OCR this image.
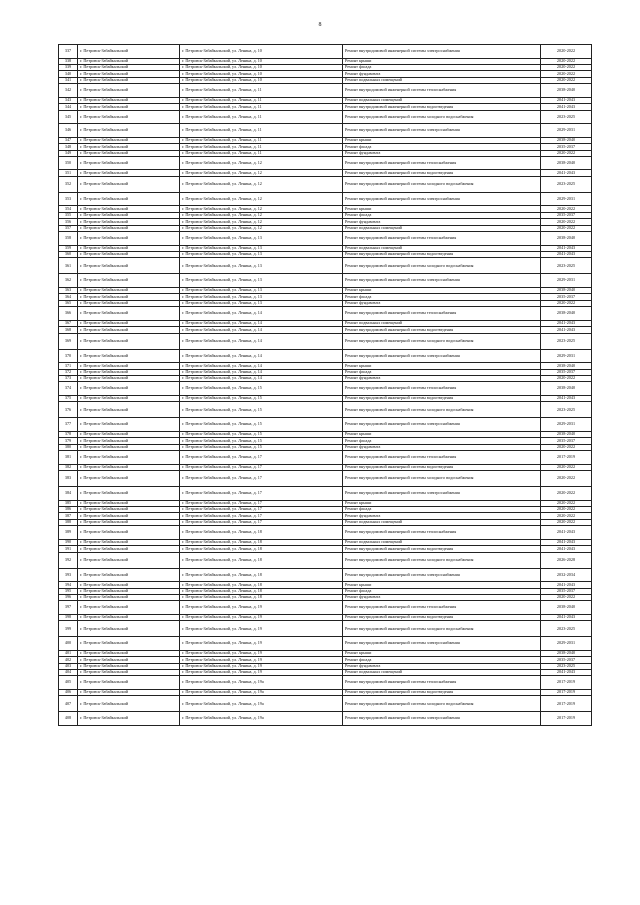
8
337	г. Петровск-Забайкальский	г. Петровск-Забайкальский, ул. Ленина, д. 10	Ремонт внутридомовой инженерной системы электроснабжения	2020-2022
338	г. Петровск-Забайкальский	г. Петровск-Забайкальский, ул. Ленина, д. 10	Ремонт крыши	2020-2022
339	г. Петровск-Забайкальский	г. Петровск-Забайкальский, ул. Ленина, д. 10	Ремонт фасада	2020-2022
340	г. Петровск-Забайкальский	г. Петровск-Забайкальский, ул. Ленина, д. 10	Ремонт фундамента	2020-2022
341	г. Петровск-Забайкальский	г. Петровск-Забайкальский, ул. Ленина, д. 10	Ремонт подвальных помещений	2020-2022
342	г. Петровск-Забайкальский	г. Петровск-Забайкальский, ул. Ленина, д. 11	Ремонт внутридомовой инженерной системы теплоснабжения	2038-2040
343	г. Петровск-Забайкальский	г. Петровск-Забайкальский, ул. Ленина, д. 11	Ремонт подвальных помещений	2041-2043
344	г. Петровск-Забайкальский	г. Петровск-Забайкальский, ул. Ленина, д. 11	Ремонт внутридомовой инженерной системы водоотведения	2041-2043
345	г. Петровск-Забайкальский	г. Петровск-Забайкальский, ул. Ленина, д. 11	Ремонт внутридомовой инженерной системы холодного водоснабжения	2023-2025
346	г. Петровск-Забайкальский	г. Петровск-Забайкальский, ул. Ленина, д. 11	Ремонт внутридомовой инженерной системы электроснабжения	2029-2031
347	г. Петровск-Забайкальский	г. Петровск-Забайкальский, ул. Ленина, д. 11	Ремонт крыши	2038-2040
348	г. Петровск-Забайкальский	г. Петровск-Забайкальский, ул. Ленина, д. 11	Ремонт фасада	2035-2037
349	г. Петровск-Забайкальский	г. Петровск-Забайкальский, ул. Ленина, д. 11	Ремонт фундамента	2020-2022
350	г. Петровск-Забайкальский	г. Петровск-Забайкальский, ул. Ленина, д. 12	Ремонт внутридомовой инженерной системы теплоснабжения	2038-2040
351	г. Петровск-Забайкальский	г. Петровск-Забайкальский, ул. Ленина, д. 12	Ремонт внутридомовой инженерной системы водоотведения	2041-2043
352	г. Петровск-Забайкальский	г. Петровск-Забайкальский, ул. Ленина, д. 12	Ремонт внутридомовой инженерной системы холодного водоснабжения	2023-2025
353	г. Петровск-Забайкальский	г. Петровск-Забайкальский, ул. Ленина, д. 12	Ремонт внутридомовой инженерной системы электроснабжения	2029-2031
354	г. Петровск-Забайкальский	г. Петровск-Забайкальский, ул. Ленина, д. 12	Ремонт крыши	2020-2022
355	г. Петровск-Забайкальский	г. Петровск-Забайкальский, ул. Ленина, д. 12	Ремонт фасада	2035-2037
356	г. Петровск-Забайкальский	г. Петровск-Забайкальский, ул. Ленина, д. 12	Ремонт фундамента	2020-2022
357	г. Петровск-Забайкальский	г. Петровск-Забайкальский, ул. Ленина, д. 12	Ремонт подвальных помещений	2020-2022
358	г. Петровск-Забайкальский	г. Петровск-Забайкальский, ул. Ленина, д. 13	Ремонт внутридомовой инженерной системы теплоснабжения	2038-2040
359	г. Петровск-Забайкальский	г. Петровск-Забайкальский, ул. Ленина, д. 13	Ремонт подвальных помещений	2041-2043
360	г. Петровск-Забайкальский	г. Петровск-Забайкальский, ул. Ленина, д. 13	Ремонт внутридомовой инженерной системы водоотведения	2041-2043
361	г. Петровск-Забайкальский	г. Петровск-Забайкальский, ул. Ленина, д. 13	Ремонт внутридомовой инженерной системы холодного водоснабжения	2023-2025
362	г. Петровск-Забайкальский	г. Петровск-Забайкальский, ул. Ленина, д. 13	Ремонт внутридомовой инженерной системы электроснабжения	2029-2031
363	г. Петровск-Забайкальский	г. Петровск-Забайкальский, ул. Ленина, д. 13	Ремонт крыши	2038-2040
364	г. Петровск-Забайкальский	г. Петровск-Забайкальский, ул. Ленина, д. 13	Ремонт фасада	2035-2037
365	г. Петровск-Забайкальский	г. Петровск-Забайкальский, ул. Ленина, д. 13	Ремонт фундамента	2020-2022
366	г. Петровск-Забайкальский	г. Петровск-Забайкальский, ул. Ленина, д. 14	Ремонт внутридомовой инженерной системы теплоснабжения	2038-2040
367	г. Петровск-Забайкальский	г. Петровск-Забайкальский, ул. Ленина, д. 14	Ремонт подвальных помещений	2041-2043
368	г. Петровск-Забайкальский	г. Петровск-Забайкальский, ул. Ленина, д. 14	Ремонт внутридомовой инженерной системы водоотведения	2041-2043
369	г. Петровск-Забайкальский	г. Петровск-Забайкальский, ул. Ленина, д. 14	Ремонт внутридомовой инженерной системы холодного водоснабжения	2023-2025
370	г. Петровск-Забайкальский	г. Петровск-Забайкальский, ул. Ленина, д. 14	Ремонт внутридомовой инженерной системы электроснабжения	2029-2031
371	г. Петровск-Забайкальский	г. Петровск-Забайкальский, ул. Ленина, д. 14	Ремонт крыши	2038-2040
372	г. Петровск-Забайкальский	г. Петровск-Забайкальский, ул. Ленина, д. 14	Ремонт фасада	2035-2037
373	г. Петровск-Забайкальский	г. Петровск-Забайкальский, ул. Ленина, д. 14	Ремонт фундамента	2020-2022
374	г. Петровск-Забайкальский	г. Петровск-Забайкальский, ул. Ленина, д. 15	Ремонт внутридомовой инженерной системы теплоснабжения	2038-2040
375	г. Петровск-Забайкальский	г. Петровск-Забайкальский, ул. Ленина, д. 15	Ремонт внутридомовой инженерной системы водоотведения	2041-2043
376	г. Петровск-Забайкальский	г. Петровск-Забайкальский, ул. Ленина, д. 15	Ремонт внутридомовой инженерной системы холодного водоснабжения	2023-2025
377	г. Петровск-Забайкальский	г. Петровск-Забайкальский, ул. Ленина, д. 15	Ремонт внутридомовой инженерной системы электроснабжения	2029-2031
378	г. Петровск-Забайкальский	г. Петровск-Забайкальский, ул. Ленина, д. 15	Ремонт крыши	2038-2040
379	г. Петровск-Забайкальский	г. Петровск-Забайкальский, ул. Ленина, д. 15	Ремонт фасада	2035-2037
380	г. Петровск-Забайкальский	г. Петровск-Забайкальский, ул. Ленина, д. 15	Ремонт фундамента	2020-2022
381	г. Петровск-Забайкальский	г. Петровск-Забайкальский, ул. Ленина, д. 17	Ремонт внутридомовой инженерной системы теплоснабжения	2017-2019
382	г. Петровск-Забайкальский	г. Петровск-Забайкальский, ул. Ленина, д. 17	Ремонт внутридомовой инженерной системы водоотведения	2020-2022
383	г. Петровск-Забайкальский	г. Петровск-Забайкальский, ул. Ленина, д. 17	Ремонт внутридомовой инженерной системы холодного водоснабжения	2020-2022
384	г. Петровск-Забайкальский	г. Петровск-Забайкальский, ул. Ленина, д. 17	Ремонт внутридомовой инженерной системы электроснабжения	2020-2022
385	г. Петровск-Забайкальский	г. Петровск-Забайкальский, ул. Ленина, д. 17	Ремонт крыши	2020-2022
386	г. Петровск-Забайкальский	г. Петровск-Забайкальский, ул. Ленина, д. 17	Ремонт фасада	2020-2022
387	г. Петровск-Забайкальский	г. Петровск-Забайкальский, ул. Ленина, д. 17	Ремонт фундамента	2020-2022
388	г. Петровск-Забайкальский	г. Петровск-Забайкальский, ул. Ленина, д. 17	Ремонт подвальных помещений	2020-2022
389	г. Петровск-Забайкальский	г. Петровск-Забайкальский, ул. Ленина, д. 18	Ремонт внутридомовой инженерной системы теплоснабжения	2041-2043
390	г. Петровск-Забайкальский	г. Петровск-Забайкальский, ул. Ленина, д. 18	Ремонт подвальных помещений	2041-2043
391	г. Петровск-Забайкальский	г. Петровск-Забайкальский, ул. Ленина, д. 18	Ремонт внутридомовой инженерной системы водоотведения	2041-2043
392	г. Петровск-Забайкальский	г. Петровск-Забайкальский, ул. Ленина, д. 18	Ремонт внутридомовой инженерной системы холодного водоснабжения	2026-2028
393	г. Петровск-Забайкальский	г. Петровск-Забайкальский, ул. Ленина, д. 18	Ремонт внутридомовой инженерной системы электроснабжения	2032-2034
394	г. Петровск-Забайкальский	г. Петровск-Забайкальский, ул. Ленина, д. 18	Ремонт крыши	2041-2043
395	г. Петровск-Забайкальский	г. Петровск-Забайкальский, ул. Ленина, д. 18	Ремонт фасада	2035-2037
396	г. Петровск-Забайкальский	г. Петровск-Забайкальский, ул. Ленина, д. 18	Ремонт фундамента	2020-2022
397	г. Петровск-Забайкальский	г. Петровск-Забайкальский, ул. Ленина, д. 19	Ремонт внутридомовой инженерной системы теплоснабжения	2038-2040
398	г. Петровск-Забайкальский	г. Петровск-Забайкальский, ул. Ленина, д. 19	Ремонт внутридомовой инженерной системы водоотведения	2041-2043
399	г. Петровск-Забайкальский	г. Петровск-Забайкальский, ул. Ленина, д. 19	Ремонт внутридомовой инженерной системы холодного водоснабжения	2023-2025
400	г. Петровск-Забайкальский	г. Петровск-Забайкальский, ул. Ленина, д. 19	Ремонт внутридомовой инженерной системы электроснабжения	2029-2031
401	г. Петровск-Забайкальский	г. Петровск-Забайкальский, ул. Ленина, д. 19	Ремонт крыши	2038-2040
402	г. Петровск-Забайкальский	г. Петровск-Забайкальский, ул. Ленина, д. 19	Ремонт фасада	2035-2037
403	г. Петровск-Забайкальский	г. Петровск-Забайкальский, ул. Ленина, д. 19	Ремонт фундамента	2023-2025
404	г. Петровск-Забайкальский	г. Петровск-Забайкальский, ул. Ленина, д. 19	Ремонт подвальных помещений	2041-2043
405	г. Петровск-Забайкальский	г. Петровск-Забайкальский, ул. Ленина, д. 19а	Ремонт внутридомовой инженерной системы теплоснабжения	2017-2019
406	г. Петровск-Забайкальский	г. Петровск-Забайкальский, ул. Ленина, д. 19а	Ремонт внутридомовой инженерной системы водоотведения	2017-2019
407	г. Петровск-Забайкальский	г. Петровск-Забайкальский, ул. Ленина, д. 19а	Ремонт внутридомовой инженерной системы холодного водоснабжения	2017-2019
408	г. Петровск-Забайкальский	г. Петровск-Забайкальский, ул. Ленина, д. 19а	Ремонт внутридомовой инженерной системы электроснабжения	2017-2019
